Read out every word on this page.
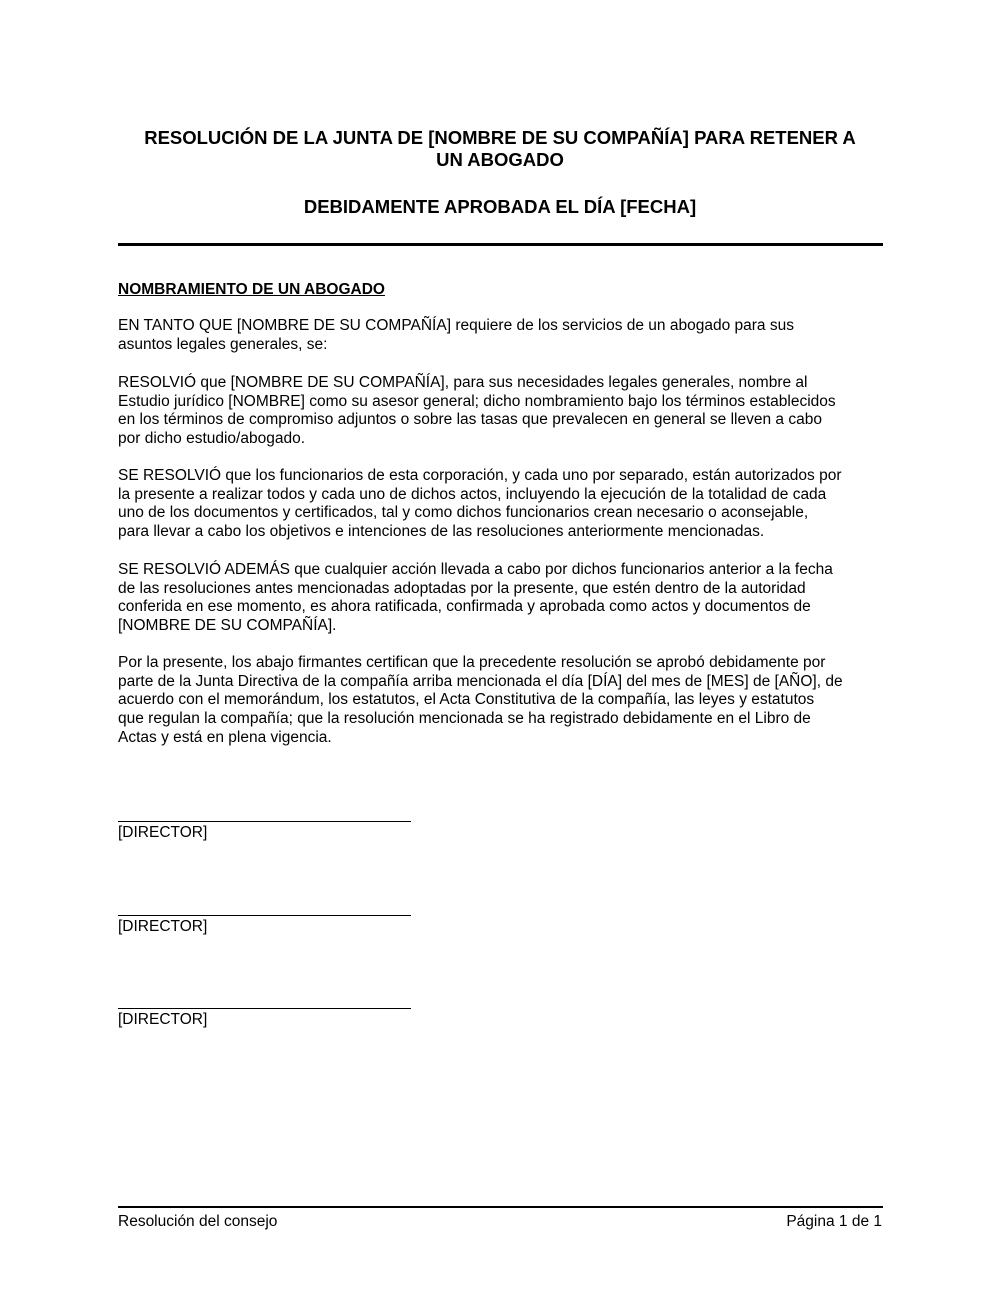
RESOLUCIÓN DE LA JUNTA DE [NOMBRE DE SU COMPAÑÍA] PARA RETENER A
UN ABOGADO
DEBIDAMENTE APROBADA EL DÍA [FECHA]
NOMBRAMIENTO DE UN ABOGADO
EN TANTO QUE [NOMBRE DE SU COMPAÑÍA] requiere de los servicios de un abogado para sus
asuntos legales generales, se:
RESOLVIÓ que [NOMBRE DE SU COMPAÑÍA], para sus necesidades legales generales, nombre al
Estudio jurídico [NOMBRE] como su asesor general; dicho nombramiento bajo los términos establecidos
en los términos de compromiso adjuntos o sobre las tasas que prevalecen en general se lleven a cabo
por dicho estudio/abogado.
SE RESOLVIÓ que los funcionarios de esta corporación, y cada uno por separado, están autorizados por
la presente a realizar todos y cada uno de dichos actos, incluyendo la ejecución de la totalidad de cada
uno de los documentos y certificados, tal y como dichos funcionarios crean necesario o aconsejable,
para llevar a cabo los objetivos e intenciones de las resoluciones anteriormente mencionadas.
SE RESOLVIÓ ADEMÁS que cualquier acción llevada a cabo por dichos funcionarios anterior a la fecha
de las resoluciones antes mencionadas adoptadas por la presente, que estén dentro de la autoridad
conferida en ese momento, es ahora ratificada, confirmada y aprobada como actos y documentos de
[NOMBRE DE SU COMPAÑÍA].
Por la presente, los abajo firmantes certifican que la precedente resolución se aprobó debidamente por
parte de la Junta Directiva de la compañía arriba mencionada el día [DÍA] del mes de [MES] de [AÑO], de
acuerdo con el memorándum, los estatutos, el Acta Constitutiva de la compañía, las leyes y estatutos
que regulan la compañía; que la resolución mencionada se ha registrado debidamente en el Libro de
Actas y está en plena vigencia.
[DIRECTOR]
[DIRECTOR]
[DIRECTOR]
Resolución del consejo	Página 1 de 1
